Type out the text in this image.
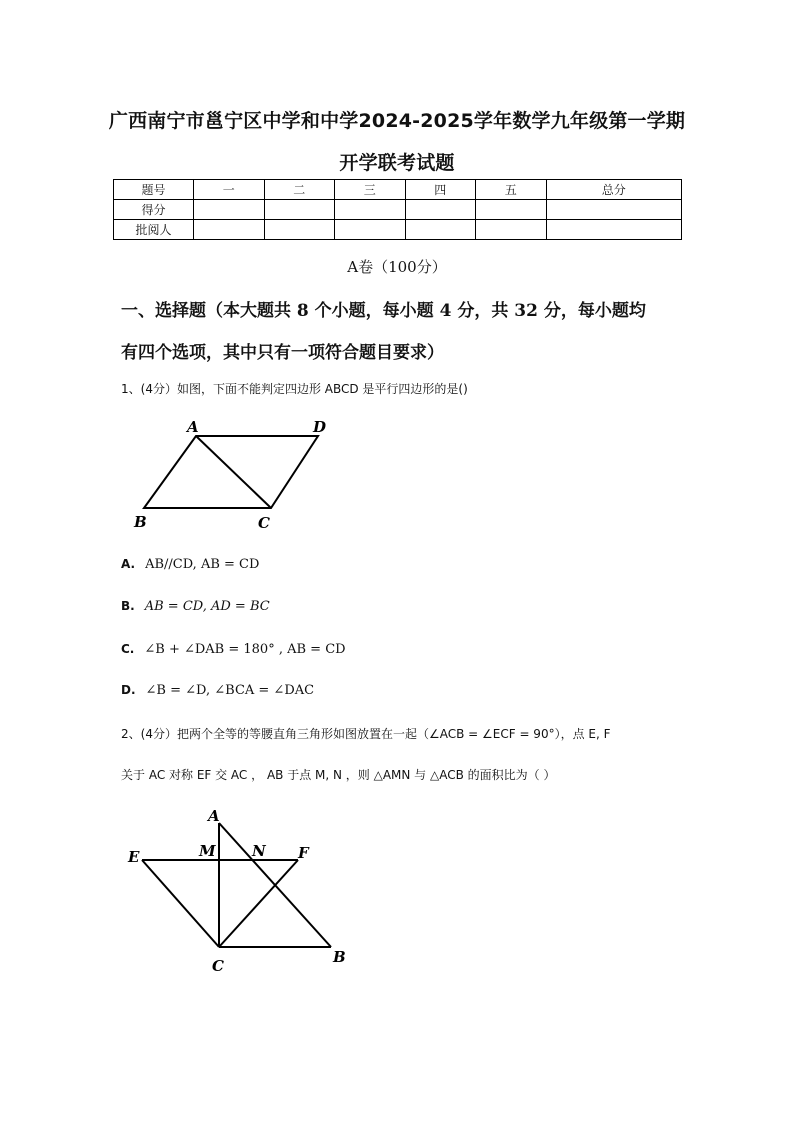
广西南宁市邕宁区中学和中学2024-2025学年数学九年级第一学期
开学联考试题
题号	一	二	三	四	五	总分
得分						
批阅人						
A卷（100分）
一、选择题（本大题共 8 个小题，每小题 4 分，共 32 分，每小题均
有四个选项，其中只有一项符合题目要求）
1、(4分）如图，下面不能判定四边形 ABCD 是平行四边形的是()
A	D
B	C
A. AB//CD, AB = CD
B. AB = CD, AD = BC
C. ∠B + ∠DAB = 180° , AB = CD
D. ∠B = ∠D, ∠BCA = ∠DAC
2、(4分）把两个全等的等腰直角三角形如图放置在一起（∠ACB = ∠ECF = 90°），点 E, F
关于 AC 对称 EF 交 AC ， AB 于点 M, N ，则 △AMN 与 △ACB 的面积比为（ ）
A
E	M N F
C	B
